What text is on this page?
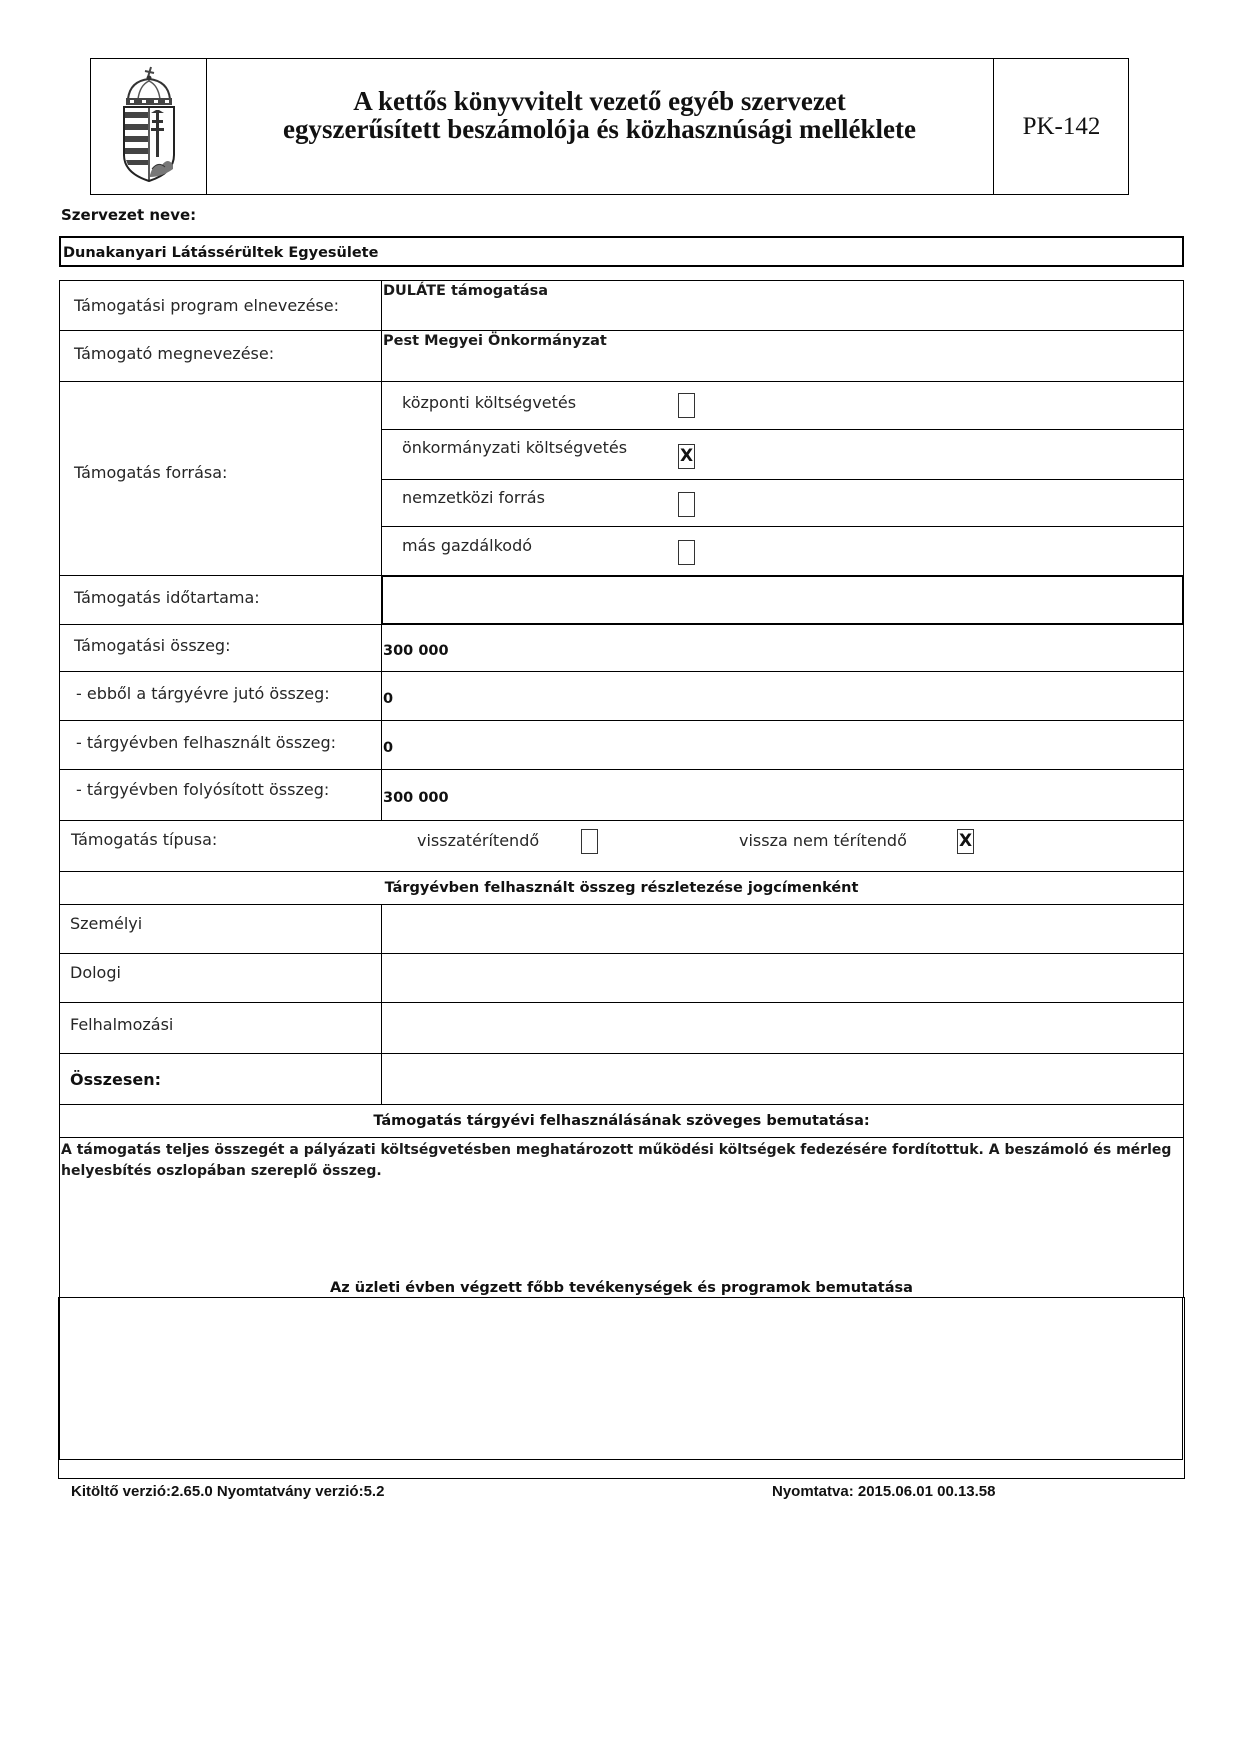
A kettős könyvvitelt vezető egyéb szervezet
egyszerűsített beszámolója és közhasznúsági melléklete	PK-142
Szervezet neve:
Dunakanyari Látássérültek Egyesülete
Támogatási program elnevezése:
DULÁTE támogatása
Támogató megnevezése:
Pest Megyei Önkormányzat
Támogatás forrása:
központi költségvetés
önkormányzati költségvetés	X
nemzetközi forrás
más gazdálkodó
Támogatás időtartama:
Támogatási összeg:	300 000
- ebből a tárgyévre jutó összeg:	0
- tárgyévben felhasznált összeg:	0
- tárgyévben folyósított összeg:	300 000
Támogatás típusa:	visszatérítendő	vissza nem térítendő	X
Tárgyévben felhasznált összeg részletezése jogcímenként
Személyi
Dologi
Felhalmozási
Összesen:
Támogatás tárgyévi felhasználásának szöveges bemutatása:
A támogatás teljes összegét a pályázati költségvetésben meghatározott működési költségek fedezésére fordítottuk. A beszámoló és mérleg helyesbítés oszlopában szereplő összeg.
Az üzleti évben végzett főbb tevékenységek és programok bemutatása
Kitöltő verzió:2.65.0 Nyomtatvány verzió:5.2	Nyomtatva: 2015.06.01 00.13.58
